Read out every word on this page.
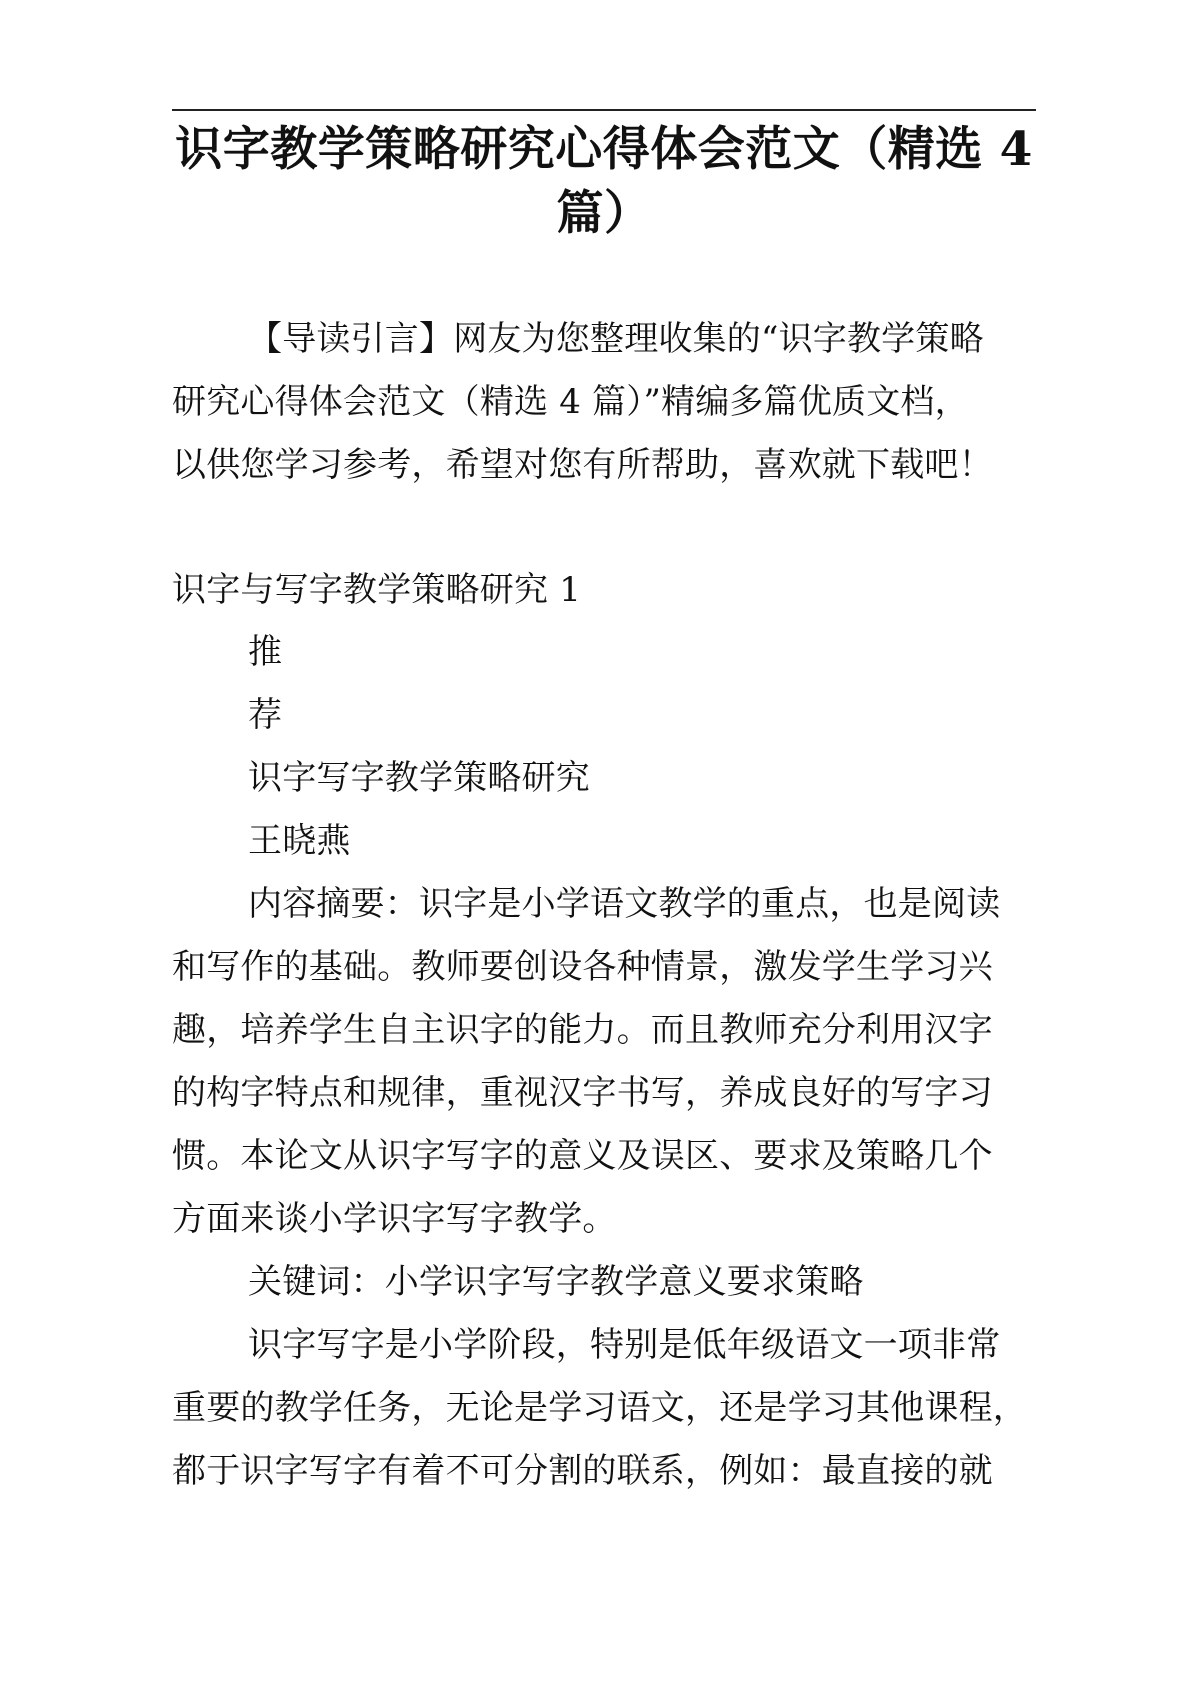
识字教学策略研究心得体会范文（精选 4
篇）

【导读引言】网友为您整理收集的“识字教学策略
研究心得体会范文（精选 4 篇）”精编多篇优质文档，
以供您学习参考，希望对您有所帮助，喜欢就下载吧！

识字与写字教学策略研究 1

推
荐
识字写字教学策略研究
王晓燕
内容摘要：识字是小学语文教学的重点，也是阅读
和写作的基础。教师要创设各种情景，激发学生学习兴
趣，培养学生自主识字的能力。而且教师充分利用汉字
的构字特点和规律，重视汉字书写，养成良好的写字习
惯。本论文从识字写字的意义及误区、要求及策略几个
方面来谈小学识字写字教学。
关键词：小学识字写字教学意义要求策略
识字写字是小学阶段，特别是低年级语文一项非常
重要的教学任务，无论是学习语文，还是学习其他课程，
都于识字写字有着不可分割的联系，例如：最直接的就
